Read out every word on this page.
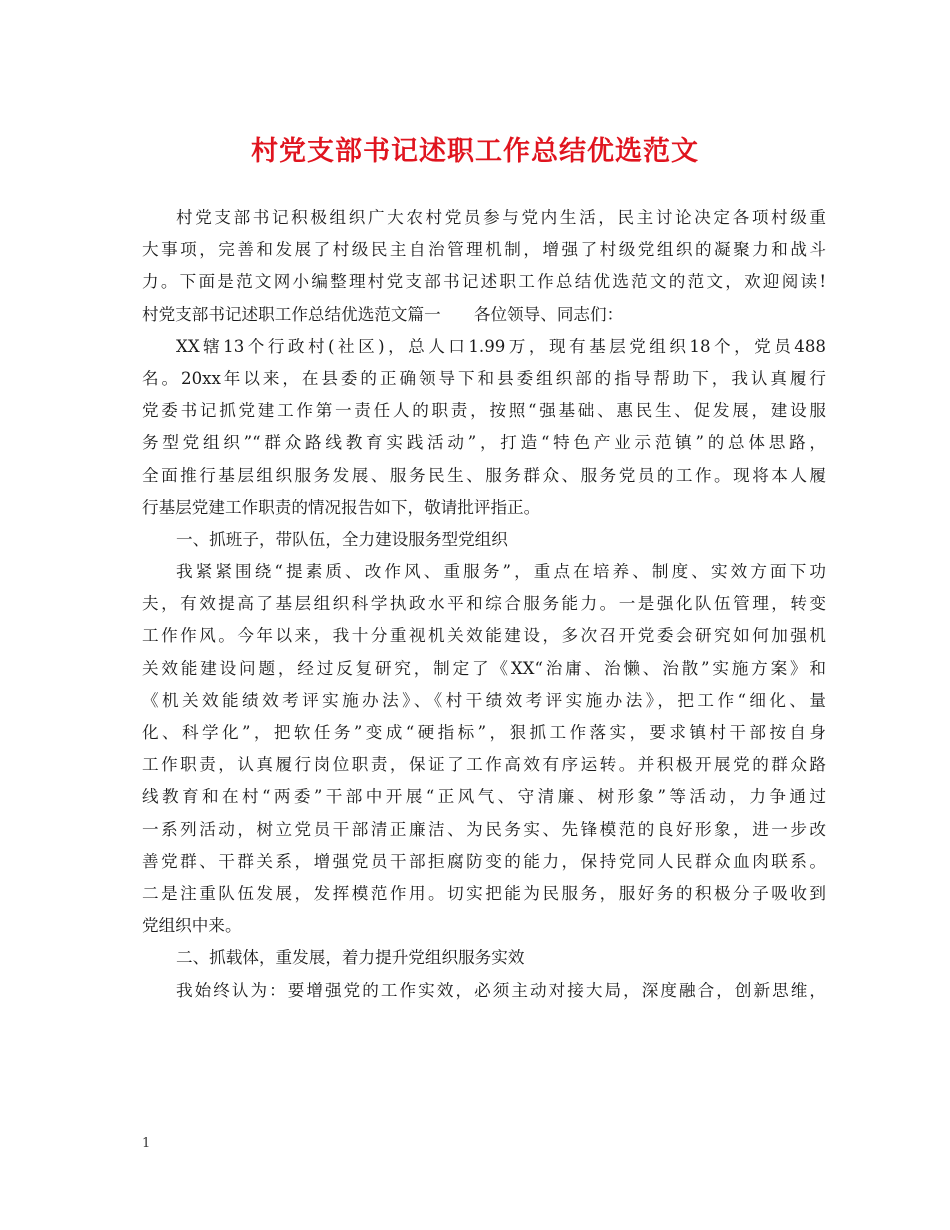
村党支部书记述职工作总结优选范文
村党支部书记积极组织广大农村党员参与党内生活，民主讨论决定各项村级重
大事项，完善和发展了村级民主自治管理机制，增强了村级党组织的凝聚力和战斗
力。下面是范文网小编整理村党支部书记述职工作总结优选范文的范文，欢迎阅读!
村党支部书记述职工作总结优选范文篇一　　各位领导、同志们：
XX辖13个行政村(社区)，总人口1.99万，现有基层党组织18个，党员488
名。20xx年以来，在县委的正确领导下和县委组织部的指导帮助下，我认真履行
党委书记抓党建工作第一责任人的职责，按照“强基础、惠民生、促发展，建设服
务型党组织”“群众路线教育实践活动”，打造“特色产业示范镇”的总体思路，
全面推行基层组织服务发展、服务民生、服务群众、服务党员的工作。现将本人履
行基层党建工作职责的情况报告如下，敬请批评指正。
一、抓班子，带队伍，全力建设服务型党组织
我紧紧围绕“提素质、改作风、重服务”，重点在培养、制度、实效方面下功
夫，有效提高了基层组织科学执政水平和综合服务能力。一是强化队伍管理，转变
工作作风。今年以来，我十分重视机关效能建设，多次召开党委会研究如何加强机
关效能建设问题，经过反复研究，制定了《XX“治庸、治懒、治散”实施方案》和
《机关效能绩效考评实施办法》、《村干绩效考评实施办法》，把工作“细化、量
化、科学化”，把软任务”变成“硬指标”，狠抓工作落实，要求镇村干部按自身
工作职责，认真履行岗位职责，保证了工作高效有序运转。并积极开展党的群众路
线教育和在村“两委”干部中开展“正风气、守清廉、树形象”等活动，力争通过
一系列活动，树立党员干部清正廉洁、为民务实、先锋模范的良好形象，进一步改
善党群、干群关系，增强党员干部拒腐防变的能力，保持党同人民群众血肉联系。
二是注重队伍发展，发挥模范作用。切实把能为民服务，服好务的积极分子吸收到
党组织中来。
二、抓载体，重发展，着力提升党组织服务实效
我始终认为：要增强党的工作实效，必须主动对接大局，深度融合，创新思维，
1
